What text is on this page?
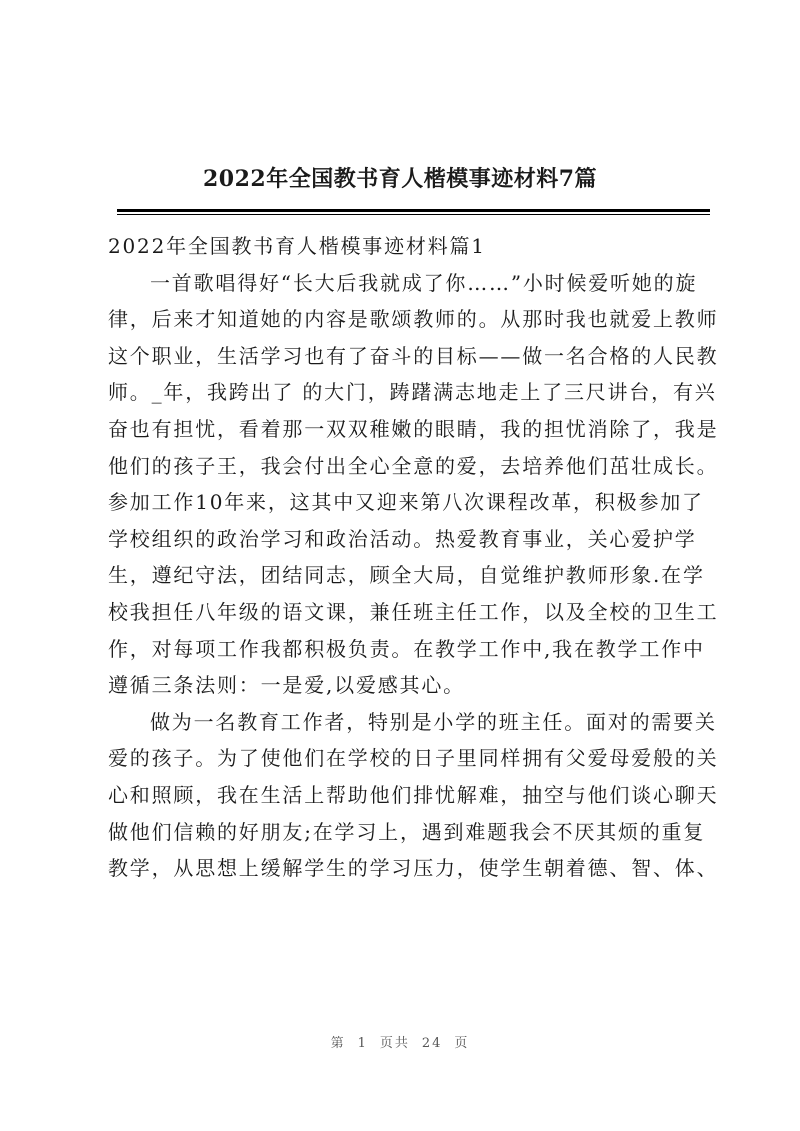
2022年全国教书育人楷模事迹材料7篇
2022年全国教书育人楷模事迹材料篇1
一首歌唱得好“长大后我就成了你……”小时候爱听她的旋
律，后来才知道她的内容是歌颂教师的。从那时我也就爱上教师
这个职业，生活学习也有了奋斗的目标——做一名合格的人民教
师。_年，我跨出了 的大门，踌躇满志地走上了三尺讲台，有兴
奋也有担忧，看着那一双双稚嫩的眼睛，我的担忧消除了，我是
他们的孩子王，我会付出全心全意的爱，去培养他们茁壮成长。
参加工作10年来，这其中又迎来第八次课程改革，积极参加了
学校组织的政治学习和政治活动。热爱教育事业，关心爱护学
生，遵纪守法，团结同志，顾全大局，自觉维护教师形象.在学
校我担任八年级的语文课，兼任班主任工作，以及全校的卫生工
作，对每项工作我都积极负责。在教学工作中,我在教学工作中
遵循三条法则：一是爱,以爱感其心。
做为一名教育工作者，特别是小学的班主任。面对的需要关
爱的孩子。为了使他们在学校的日子里同样拥有父爱母爱般的关
心和照顾，我在生活上帮助他们排忧解难，抽空与他们谈心聊天
做他们信赖的好朋友;在学习上，遇到难题我会不厌其烦的重复
教学，从思想上缓解学生的学习压力，使学生朝着德、智、体、
第 1 页共 24 页
